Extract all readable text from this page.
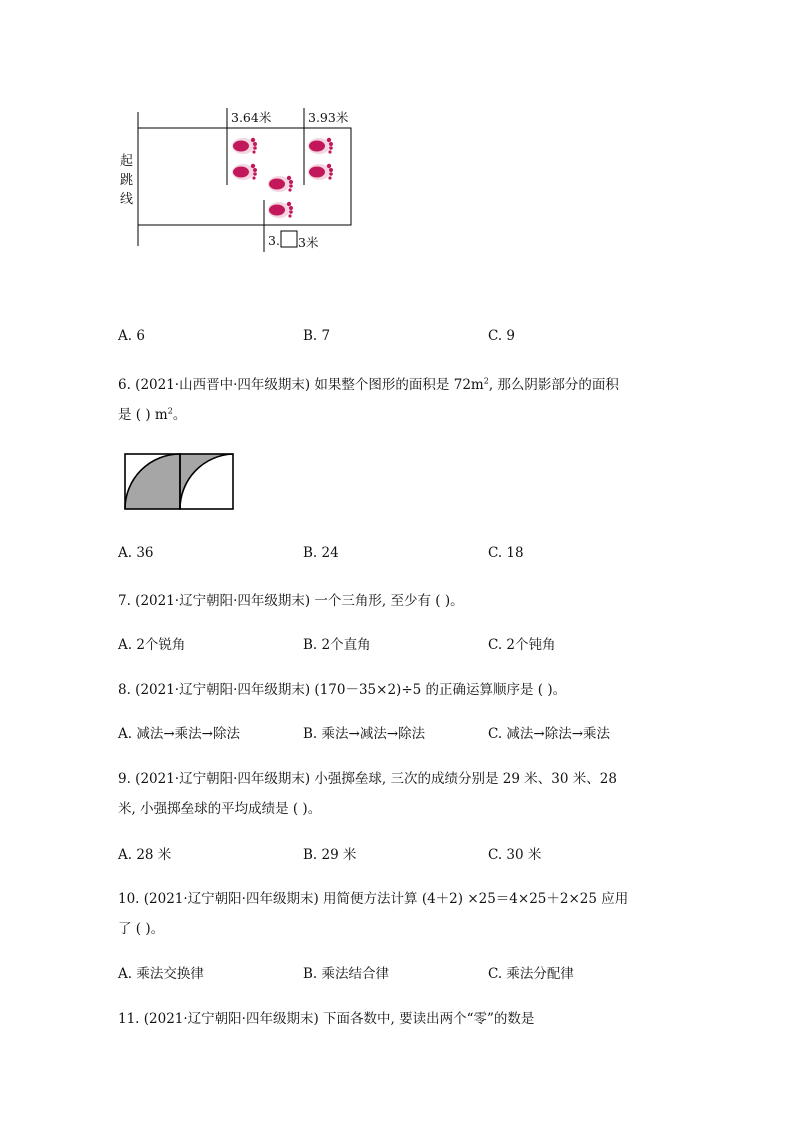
3.64米	3.93米
3. 3米
起
跳
线
A. 6	B. 7	C. 9
6. (2021·山西晋中·四年级期末) 如果整个图形的面积是 $72m^2$, 那么阴影部分的面积
是 ( ) $m^2$。
A. 36	B. 24	C. 18
7. (2021·辽宁朝阳·四年级期末) 一个三角形, 至少有 ( )。
A. 2个锐角	B. 2个直角	C. 2个钝角
8. (2021·辽宁朝阳·四年级期末) (170－35×2)÷5 的正确运算顺序是 ( )。
A. 减法→乘法→除法	B. 乘法→减法→除法	C. 减法→除法→乘法
9. (2021·辽宁朝阳·四年级期末) 小强掷垒球, 三次的成绩分别是 29 米、30 米、28
米, 小强掷垒球的平均成绩是 ( )。
A. 28 米	B. 29 米	C. 30 米
10. (2021·辽宁朝阳·四年级期末) 用简便方法计算 (4＋2) ×25＝4×25＋2×25 应用
了 ( )。
A. 乘法交换律	B. 乘法结合律	C. 乘法分配律
11. (2021·辽宁朝阳·四年级期末) 下面各数中, 要读出两个“零”的数是
